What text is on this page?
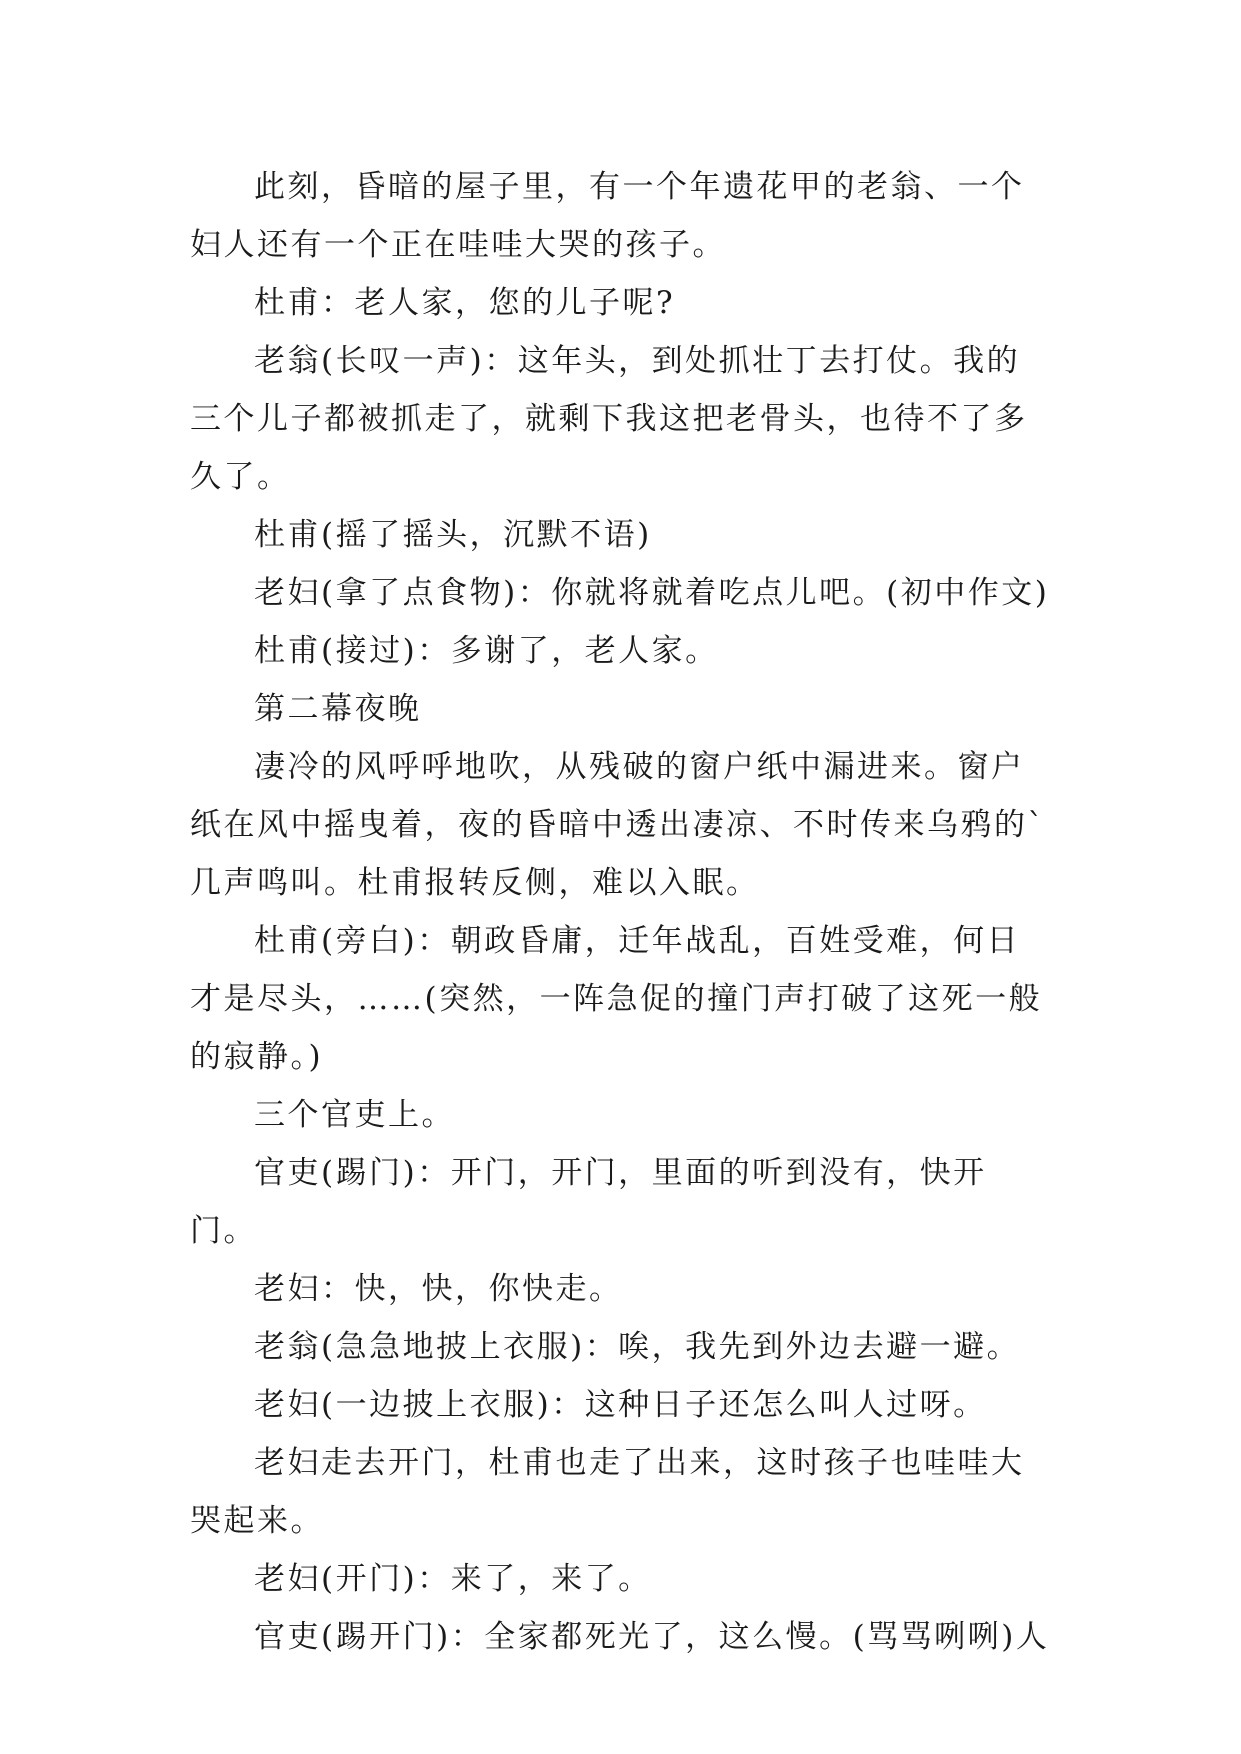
此刻，昏暗的屋子里，有一个年遗花甲的老翁、一个妇人还有一个正在哇哇大哭的孩子。

杜甫：老人家，您的儿子呢?

老翁(长叹一声)：这年头，到处抓壮丁去打仗。我的三个儿子都被抓走了，就剩下我这把老骨头，也待不了多久了。

杜甫(摇了摇头，沉默不语)

老妇(拿了点食物)：你就将就着吃点儿吧。(初中作文)

杜甫(接过)：多谢了，老人家。

第二幕夜晚

凄冷的风呼呼地吹，从残破的窗户纸中漏进来。窗户纸在风中摇曳着，夜的昏暗中透出凄凉、不时传来乌鸦的`几声鸣叫。杜甫报转反侧，难以入眠。

杜甫(旁白)：朝政昏庸，迁年战乱，百姓受难，何日才是尽头，……(突然，一阵急促的撞门声打破了这死一般的寂静。)

三个官吏上。

官吏(踢门)：开门，开门，里面的听到没有，快开门。

老妇：快，快，你快走。

老翁(急急地披上衣服)：唉，我先到外边去避一避。

老妇(一边披上衣服)：这种日子还怎么叫人过呀。

老妇走去开门，杜甫也走了出来，这时孩子也哇哇大哭起来。

老妇(开门)：来了，来了。

官吏(踢开门)：全家都死光了，这么慢。(骂骂咧咧)人
